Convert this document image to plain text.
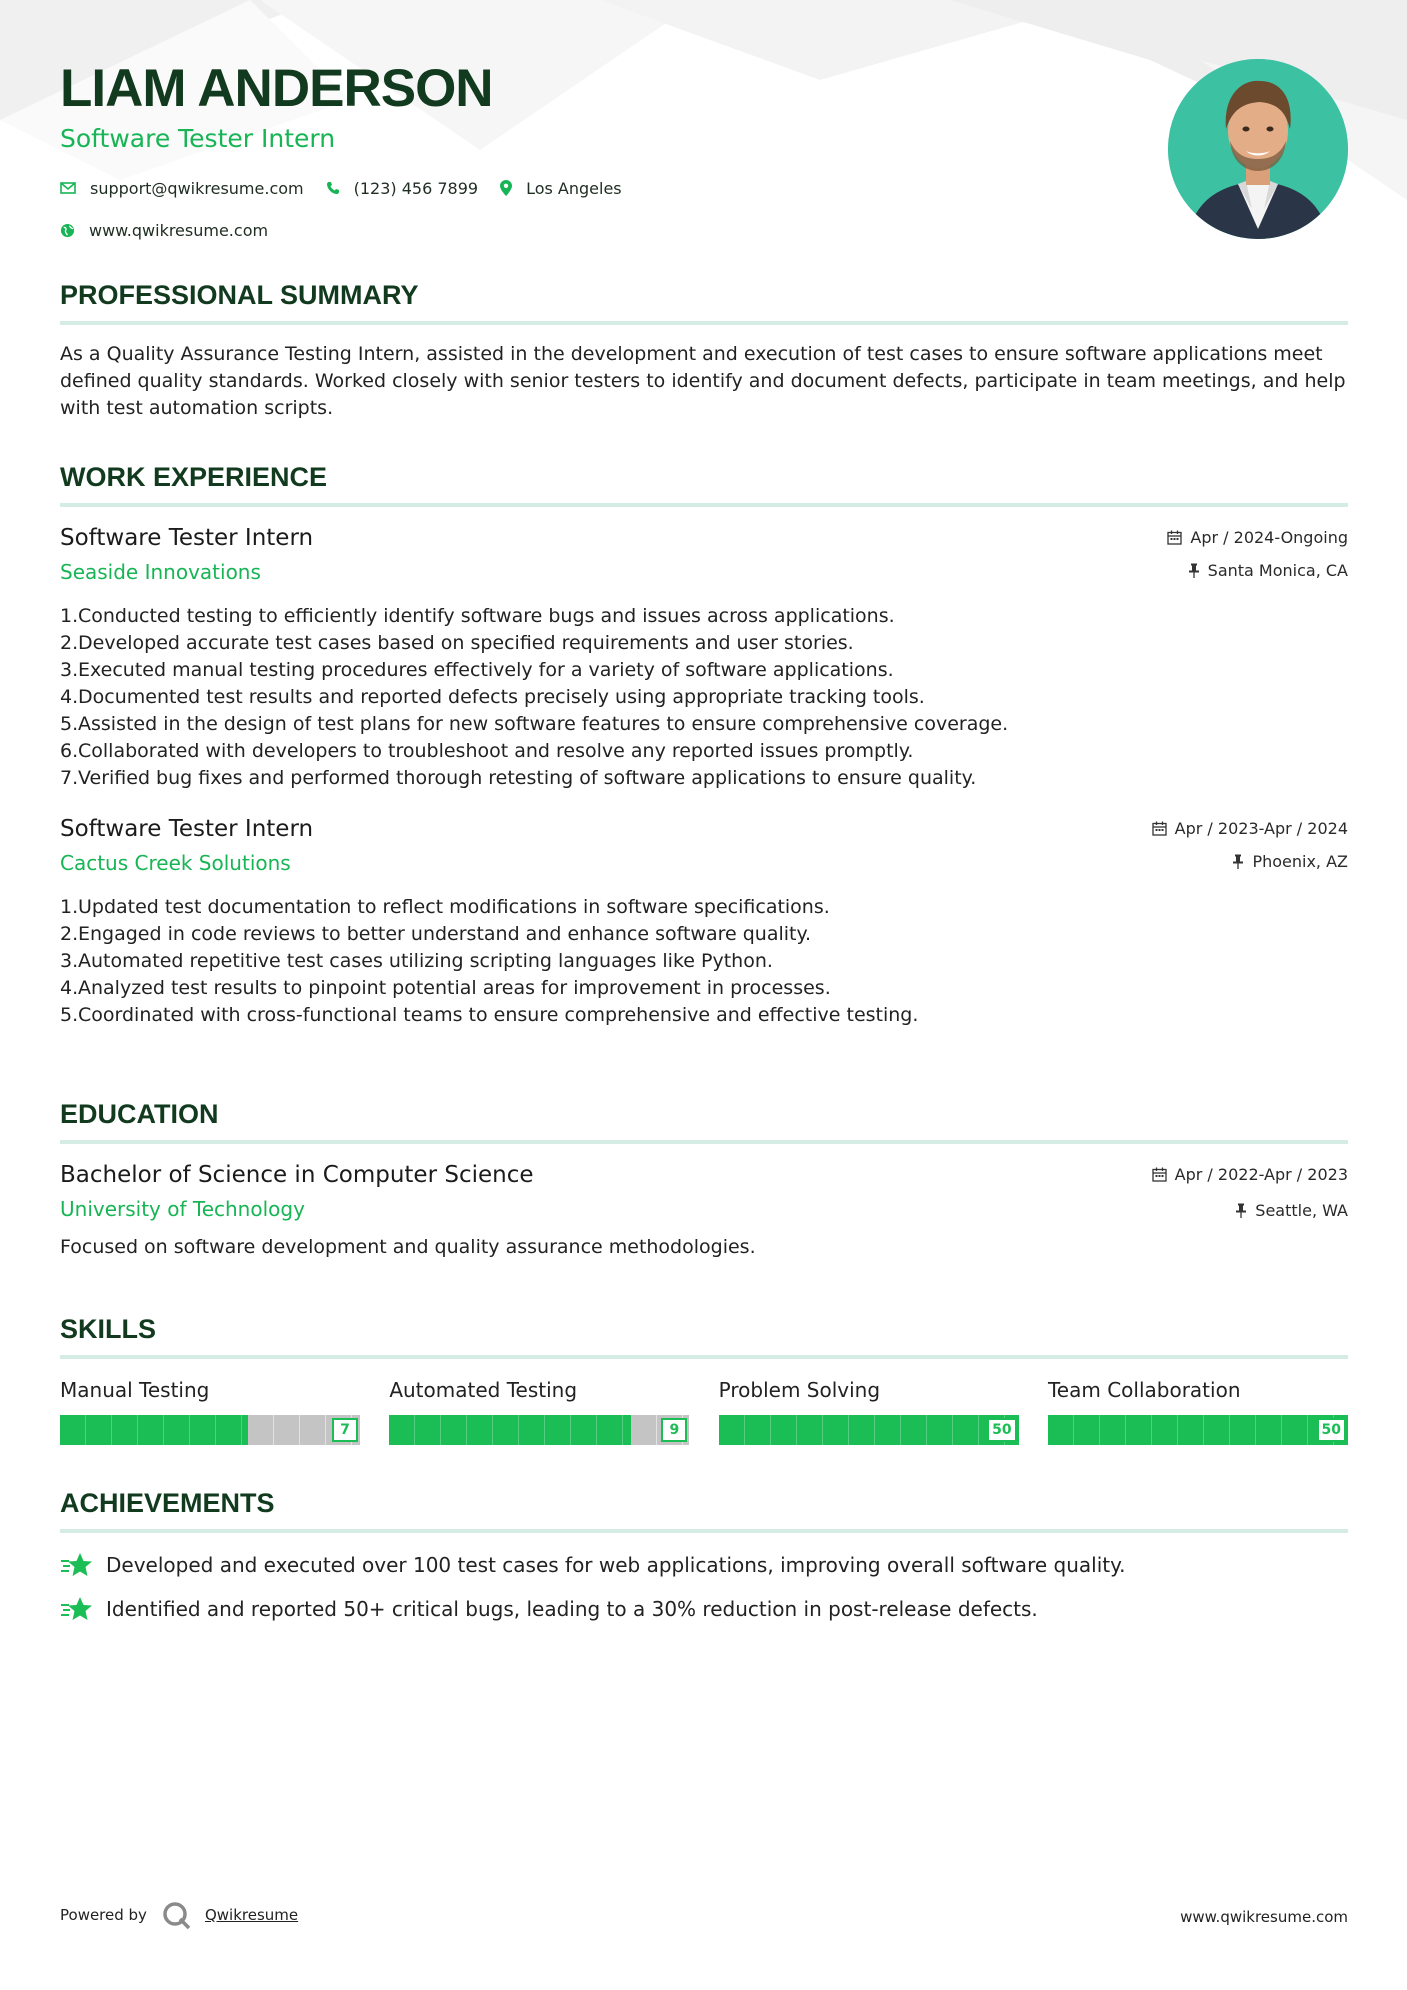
LIAM ANDERSON
Software Tester Intern
support@qwikresume.com	(123) 456 7899	Los Angeles
www.qwikresume.com
PROFESSIONAL SUMMARY
As a Quality Assurance Testing Intern, assisted in the development and execution of test cases to ensure software applications meet defined quality standards. Worked closely with senior testers to identify and document defects, participate in team meetings, and help with test automation scripts.
WORK EXPERIENCE
Software Tester Intern
Seaside Innovations
Apr / 2024-Ongoing
Santa Monica, CA
1. Conducted testing to efficiently identify software bugs and issues across applications.
2. Developed accurate test cases based on specified requirements and user stories.
3. Executed manual testing procedures effectively for a variety of software applications.
4. Documented test results and reported defects precisely using appropriate tracking tools.
5. Assisted in the design of test plans for new software features to ensure comprehensive coverage.
6. Collaborated with developers to troubleshoot and resolve any reported issues promptly.
7. Verified bug fixes and performed thorough retesting of software applications to ensure quality.
Software Tester Intern
Cactus Creek Solutions
Apr / 2023-Apr / 2024
Phoenix, AZ
1. Updated test documentation to reflect modifications in software specifications.
2. Engaged in code reviews to better understand and enhance software quality.
3. Automated repetitive test cases utilizing scripting languages like Python.
4. Analyzed test results to pinpoint potential areas for improvement in processes.
5. Coordinated with cross-functional teams to ensure comprehensive and effective testing.
EDUCATION
Bachelor of Science in Computer Science
University of Technology
Apr / 2022-Apr / 2023
Seattle, WA
Focused on software development and quality assurance methodologies.
SKILLS
Manual Testing
7
Automated Testing
9
Problem Solving
50
Team Collaboration
50
ACHIEVEMENTS
Developed and executed over 100 test cases for web applications, improving overall software quality.
Identified and reported 50+ critical bugs, leading to a 30% reduction in post-release defects.
Powered by	Qwikresume	www.qwikresume.com
